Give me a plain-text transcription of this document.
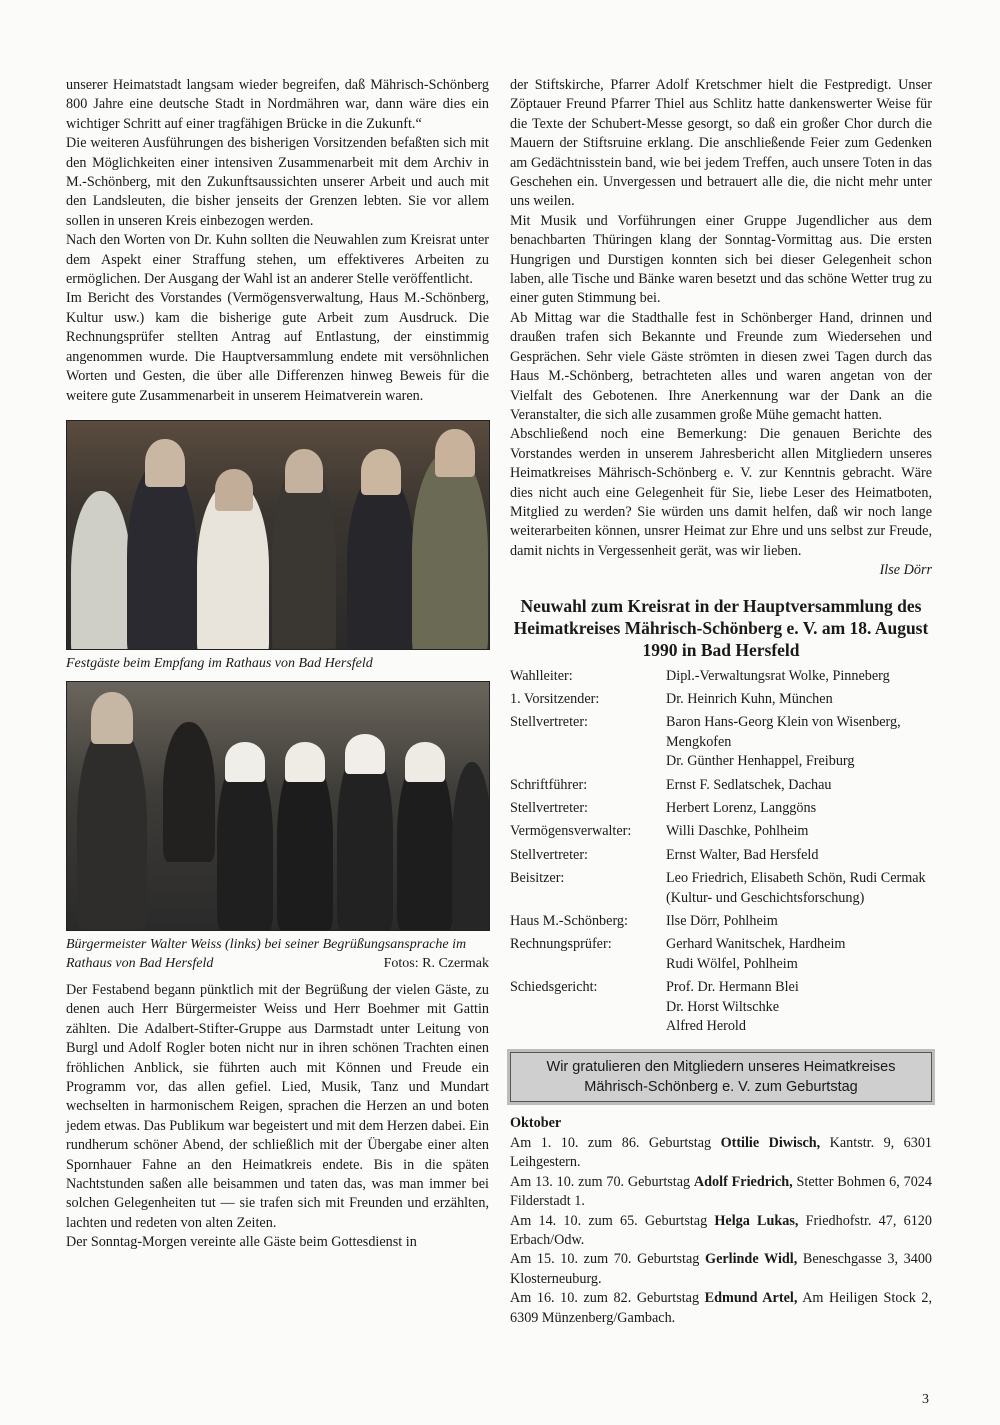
unserer Heimatstadt langsam wieder begreifen, daß Mährisch-Schönberg 800 Jahre eine deutsche Stadt in Nordmähren war, dann wäre dies ein wichtiger Schritt auf einer tragfähigen Brücke in die Zukunft.“

Die weiteren Ausführungen des bisherigen Vorsitzenden befaßten sich mit den Möglichkeiten einer intensiven Zusammenarbeit mit dem Archiv in M.-Schönberg, mit den Zukunftsaussichten unserer Arbeit und auch mit den Landsleuten, die bisher jenseits der Grenzen lebten. Sie vor allem sollen in unseren Kreis einbezogen werden.

Nach den Worten von Dr. Kuhn sollten die Neuwahlen zum Kreisrat unter dem Aspekt einer Straffung stehen, um effektiveres Arbeiten zu ermöglichen. Der Ausgang der Wahl ist an anderer Stelle veröffentlicht.

Im Bericht des Vorstandes (Vermögensverwaltung, Haus M.-Schönberg, Kultur usw.) kam die bisherige gute Arbeit zum Ausdruck. Die Rechnungsprüfer stellten Antrag auf Entlastung, der einstimmig angenommen wurde. Die Hauptversammlung endete mit versöhnlichen Worten und Gesten, die über alle Differenzen hinweg Beweis für die weitere gute Zusammenarbeit in unserem Heimatverein waren.

Festgäste beim Empfang im Rathaus von Bad Hersfeld
Bürgermeister Walter Weiss (links) bei seiner Begrüßungsansprache im Rathaus von Bad Hersfeld	Fotos: R. Czermak

Der Festabend begann pünktlich mit der Begrüßung der vielen Gäste, zu denen auch Herr Bürgermeister Weiss und Herr Boehmer mit Gattin zählten. Die Adalbert-Stifter-Gruppe aus Darmstadt unter Leitung von Burgl und Adolf Rogler boten nicht nur in ihren schönen Trachten einen fröhlichen Anblick, sie führten auch mit Können und Freude ein Programm vor, das allen gefiel. Lied, Musik, Tanz und Mundart wechselten in harmonischem Reigen, sprachen die Herzen an und boten jedem etwas. Das Publikum war begeistert und mit dem Herzen dabei. Ein rundherum schöner Abend, der schließlich mit der Übergabe einer alten Spornhauer Fahne an den Heimatkreis endete. Bis in die späten Nachtstunden saßen alle beisammen und taten das, was man immer bei solchen Gelegenheiten tut — sie trafen sich mit Freunden und erzählten, lachten und redeten von alten Zeiten.

Der Sonntag-Morgen vereinte alle Gäste beim Gottesdienst in

der Stiftskirche, Pfarrer Adolf Kretschmer hielt die Festpredigt. Unser Zöptauer Freund Pfarrer Thiel aus Schlitz hatte dankenswerter Weise für die Texte der Schubert-Messe gesorgt, so daß ein großer Chor durch die Mauern der Stiftsruine erklang. Die anschließende Feier zum Gedenken am Gedächtnisstein band, wie bei jedem Treffen, auch unsere Toten in das Geschehen ein. Unvergessen und betrauert alle die, die nicht mehr unter uns weilen.

Mit Musik und Vorführungen einer Gruppe Jugendlicher aus dem benachbarten Thüringen klang der Sonntag-Vormittag aus. Die ersten Hungrigen und Durstigen konnten sich bei dieser Gelegenheit schon laben, alle Tische und Bänke waren besetzt und das schöne Wetter trug zu einer guten Stimmung bei.

Ab Mittag war die Stadthalle fest in Schönberger Hand, drinnen und draußen trafen sich Bekannte und Freunde zum Wiedersehen und Gesprächen. Sehr viele Gäste strömten in diesen zwei Tagen durch das Haus M.-Schönberg, betrachteten alles und waren angetan von der Vielfalt des Gebotenen. Ihre Anerkennung war der Dank an die Veranstalter, die sich alle zusammen große Mühe gemacht hatten.

Abschließend noch eine Bemerkung: Die genauen Berichte des Vorstandes werden in unserem Jahresbericht allen Mitgliedern unseres Heimatkreises Mährisch-Schönberg e. V. zur Kenntnis gebracht. Wäre dies nicht auch eine Gelegenheit für Sie, liebe Leser des Heimatboten, Mitglied zu werden? Sie würden uns damit helfen, daß wir noch lange weiterarbeiten können, unsrer Heimat zur Ehre und uns selbst zur Freude, damit nichts in Vergessenheit gerät, was wir lieben.

Ilse Dörr

Neuwahl zum Kreisrat in der Hauptversammlung des Heimatkreises Mährisch-Schönberg e. V. am 18. August 1990 in Bad Hersfeld
Wahlleiter:	Dipl.-Verwaltungsrat Wolke, Pinneberg

1. Vorsitzender:	Dr. Heinrich Kuhn, München

Stellvertreter:	Baron Hans-Georg Klein von Wisenberg, Mengkofen
Dr. Günther Henhappel, Freiburg

Schriftführer:	Ernst F. Sedlatschek, Dachau

Stellvertreter:	Herbert Lorenz, Langgöns

Vermögensverwalter:	Willi Daschke, Pohlheim

Stellvertreter:	Ernst Walter, Bad Hersfeld

Beisitzer:	Leo Friedrich, Elisabeth Schön, Rudi Cermak (Kultur- und Geschichtsforschung)

Haus M.-Schönberg:	Ilse Dörr, Pohlheim

Rechnungsprüfer:	Gerhard Wanitschek, Hardheim
Rudi Wölfel, Pohlheim

Schiedsgericht:	Prof. Dr. Hermann Blei
Dr. Horst Wiltschke
Alfred Herold
Wir gratulieren den Mitgliedern unseres Heimatkreises
Mährisch-Schönberg e. V. zum Geburtstag

Oktober

Am 1. 10. zum 86. Geburtstag Ottilie Diwisch, Kantstr. 9, 6301 Leihgestern.

Am 13. 10. zum 70. Geburtstag Adolf Friedrich, Stetter Bohmen 6, 7024 Filderstadt 1.

Am 14. 10. zum 65. Geburtstag Helga Lukas, Friedhofstr. 47, 6120 Erbach/Odw.

Am 15. 10. zum 70. Geburtstag Gerlinde Widl, Beneschgasse 3, 3400 Klosterneuburg.

Am 16. 10. zum 82. Geburtstag Edmund Artel, Am Heiligen Stock 2, 6309 Münzenberg/Gambach.

3
